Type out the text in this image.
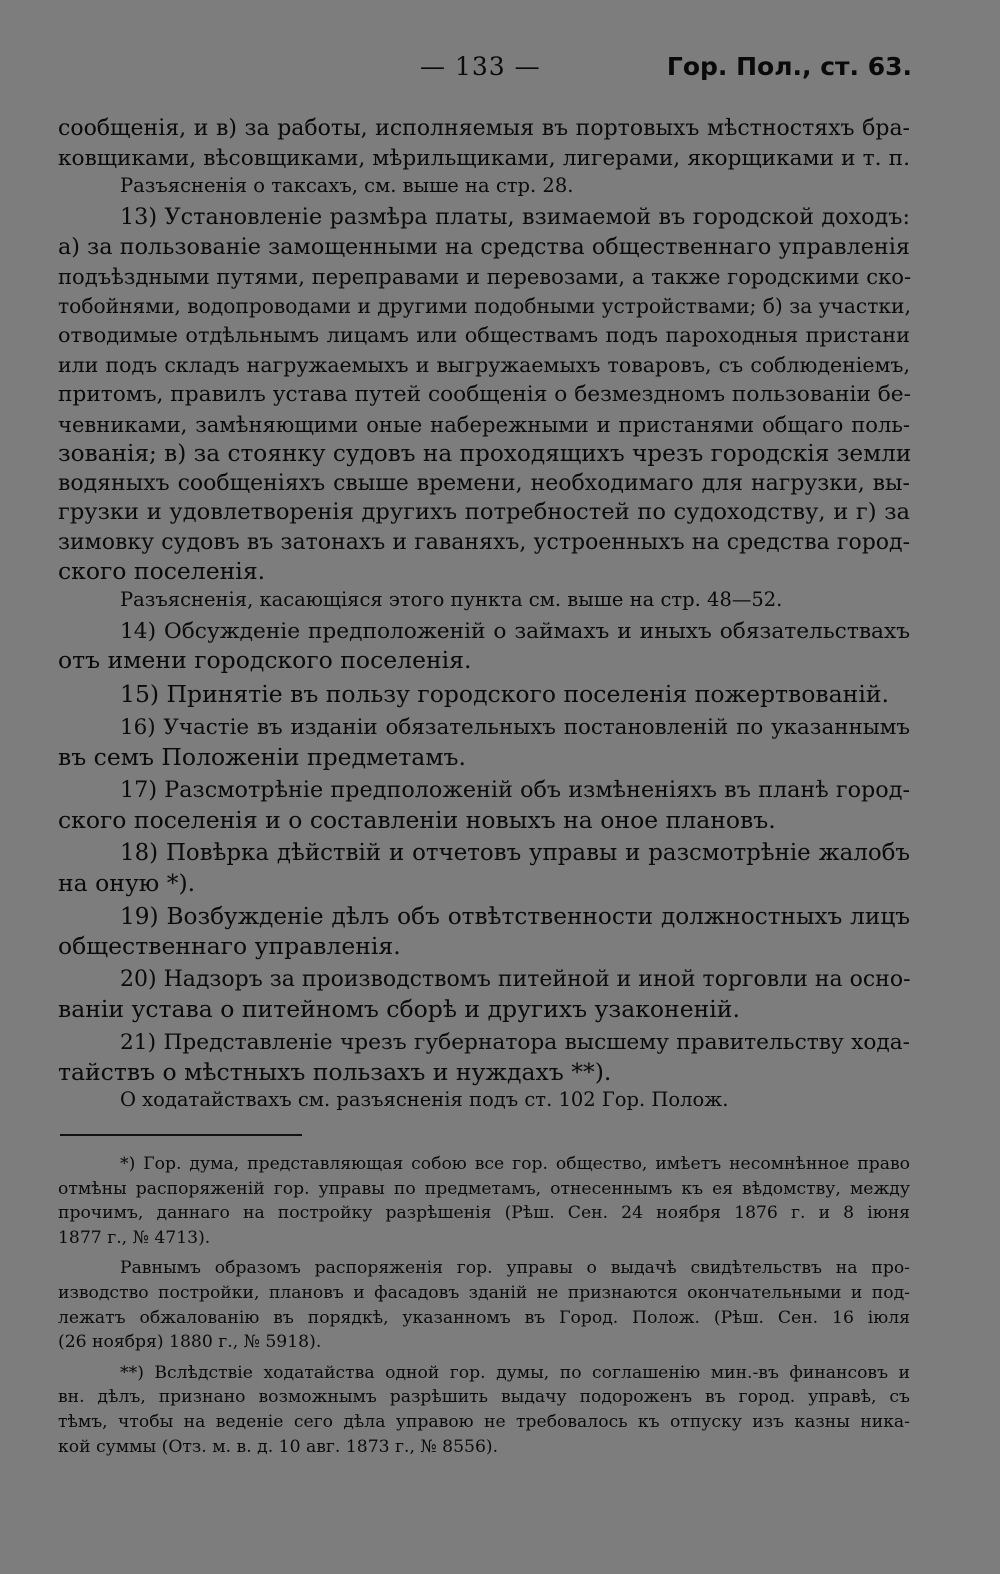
— 133 —	Гор. Пол., ст. 63.
сообщенія, и в) за работы, исполняемыя въ портовыхъ мѣстностяхъ бра-
ковщиками, вѣсовщиками, мѣрильщиками, лигерами, якорщиками и т. п.
Разъясненія о таксахъ, см. выше на стр. 28.
13) Установленіе размѣра платы, взимаемой въ городской доходъ:
а) за пользованіе замощенными на средства общественнаго управленія
подъѣздными путями, переправами и перевозами, а также городскими ско-
тобойнями, водопроводами и другими подобными устройствами; б) за участки,
отводимые отдѣльнымъ лицамъ или обществамъ подъ пароходныя пристани
или подъ складъ нагружаемыхъ и выгружаемыхъ товаровъ, съ соблюденіемъ,
притомъ, правилъ устава путей сообщенія о безмездномъ пользованіи бе-
чевниками, замѣняющими оные набережными и пристанями общаго поль-
зованія; в) за стоянку судовъ на проходящихъ чрезъ городскія земли
водяныхъ сообщеніяхъ свыше времени, необходимаго для нагрузки, вы-
грузки и удовлетворенія другихъ потребностей по судоходству, и г) за
зимовку судовъ въ затонахъ и гаваняхъ, устроенныхъ на средства город-
ского поселенія.
Разъясненія, касающіяся этого пункта см. выше на стр. 48—52.
14) Обсужденіе предположеній о займахъ и иныхъ обязательствахъ
отъ имени городского поселенія.
15) Принятіе въ пользу городского поселенія пожертвованій.
16) Участіе въ изданіи обязательныхъ постановленій по указаннымъ
въ семъ Положеніи предметамъ.
17) Разсмотрѣніе предположеній объ измѣненіяхъ въ планѣ город-
ского поселенія и о составленіи новыхъ на оное плановъ.
18) Повѣрка дѣйствій и отчетовъ управы и разсмотрѣніе жалобъ
на оную *).
19) Возбужденіе дѣлъ объ отвѣтственности должностныхъ лицъ
общественнаго управленія.
20) Надзоръ за производствомъ питейной и иной торговли на осно-
ваніи устава о питейномъ сборѣ и другихъ узаконеній.
21) Представленіе чрезъ губернатора высшему правительству хода-
тайствъ о мѣстныхъ пользахъ и нуждахъ **).
О ходатайствахъ см. разъясненія подъ ст. 102 Гор. Полож.
*) Гор. дума, представляющая собою все гор. общество, имѣетъ несомнѣнное право
отмѣны распоряженій гор. управы по предметамъ, отнесеннымъ къ ея вѣдомству, между
прочимъ, даннаго на постройку разрѣшенія (Рѣш. Сен. 24 ноября 1876 г. и 8 іюня
1877 г., № 4713).
Равнымъ образомъ распоряженія гор. управы о выдачѣ свидѣтельствъ на про-
изводство постройки, плановъ и фасадовъ зданій не признаются окончательными и под-
лежатъ обжалованію въ порядкѣ, указанномъ въ Город. Полож. (Рѣш. Сен. 16 іюля
(26 ноября) 1880 г., № 5918).
**) Вслѣдствіе ходатайства одной гор. думы, по соглашенію мин.-въ финансовъ и
вн. дѣлъ, признано возможнымъ разрѣшить выдачу подороженъ въ город. управѣ, съ
тѣмъ, чтобы на веденіе сего дѣла управою не требовалось къ отпуску изъ казны ника-
кой суммы (Отз. м. в. д. 10 авг. 1873 г., № 8556).
